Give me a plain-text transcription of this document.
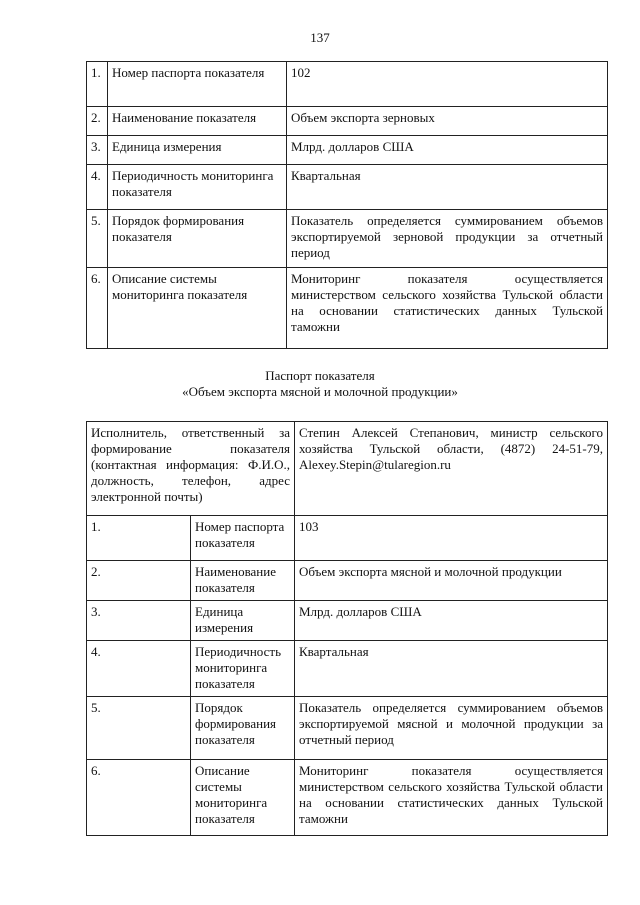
137
1.	Номер паспорта показателя	102
2.	Наименование показателя	Объем экспорта зерновых
3.	Единица измерения	Млрд. долларов США
4.	Периодичность мониторинга показателя	Квартальная
5.	Порядок формирования показателя	Показатель определяется суммированием объемов экспортируемой зерновой продукции за отчетный период
6.	Описание системы мониторинга показателя	Мониторинг показателя осуществляется министерством сельского хозяйства Тульской области на основании статистических данных Тульской таможни
Паспорт показателя
«Объем экспорта мясной и молочной продукции»
Исполнитель, ответственный за формирование показателя (контактная информация: Ф.И.О., должность, телефон, адрес электронной почты)		Степин Алексей Степанович, министр сельского хозяйства Тульской области, (4872) 24-51-79, Alexey.Stepin@tularegion.ru
1.	Номер паспорта показателя	103
2.	Наименование показателя	Объем экспорта мясной и молочной продукции
3.	Единица измерения	Млрд. долларов США
4.	Периодичность мониторинга показателя	Квартальная
5.	Порядок формирования показателя	Показатель определяется суммированием объемов экспортируемой мясной и молочной продукции за отчетный период
6.	Описание системы мониторинга показателя	Мониторинг показателя осуществляется министерством сельского хозяйства Тульской области на основании статистических данных Тульской таможни
